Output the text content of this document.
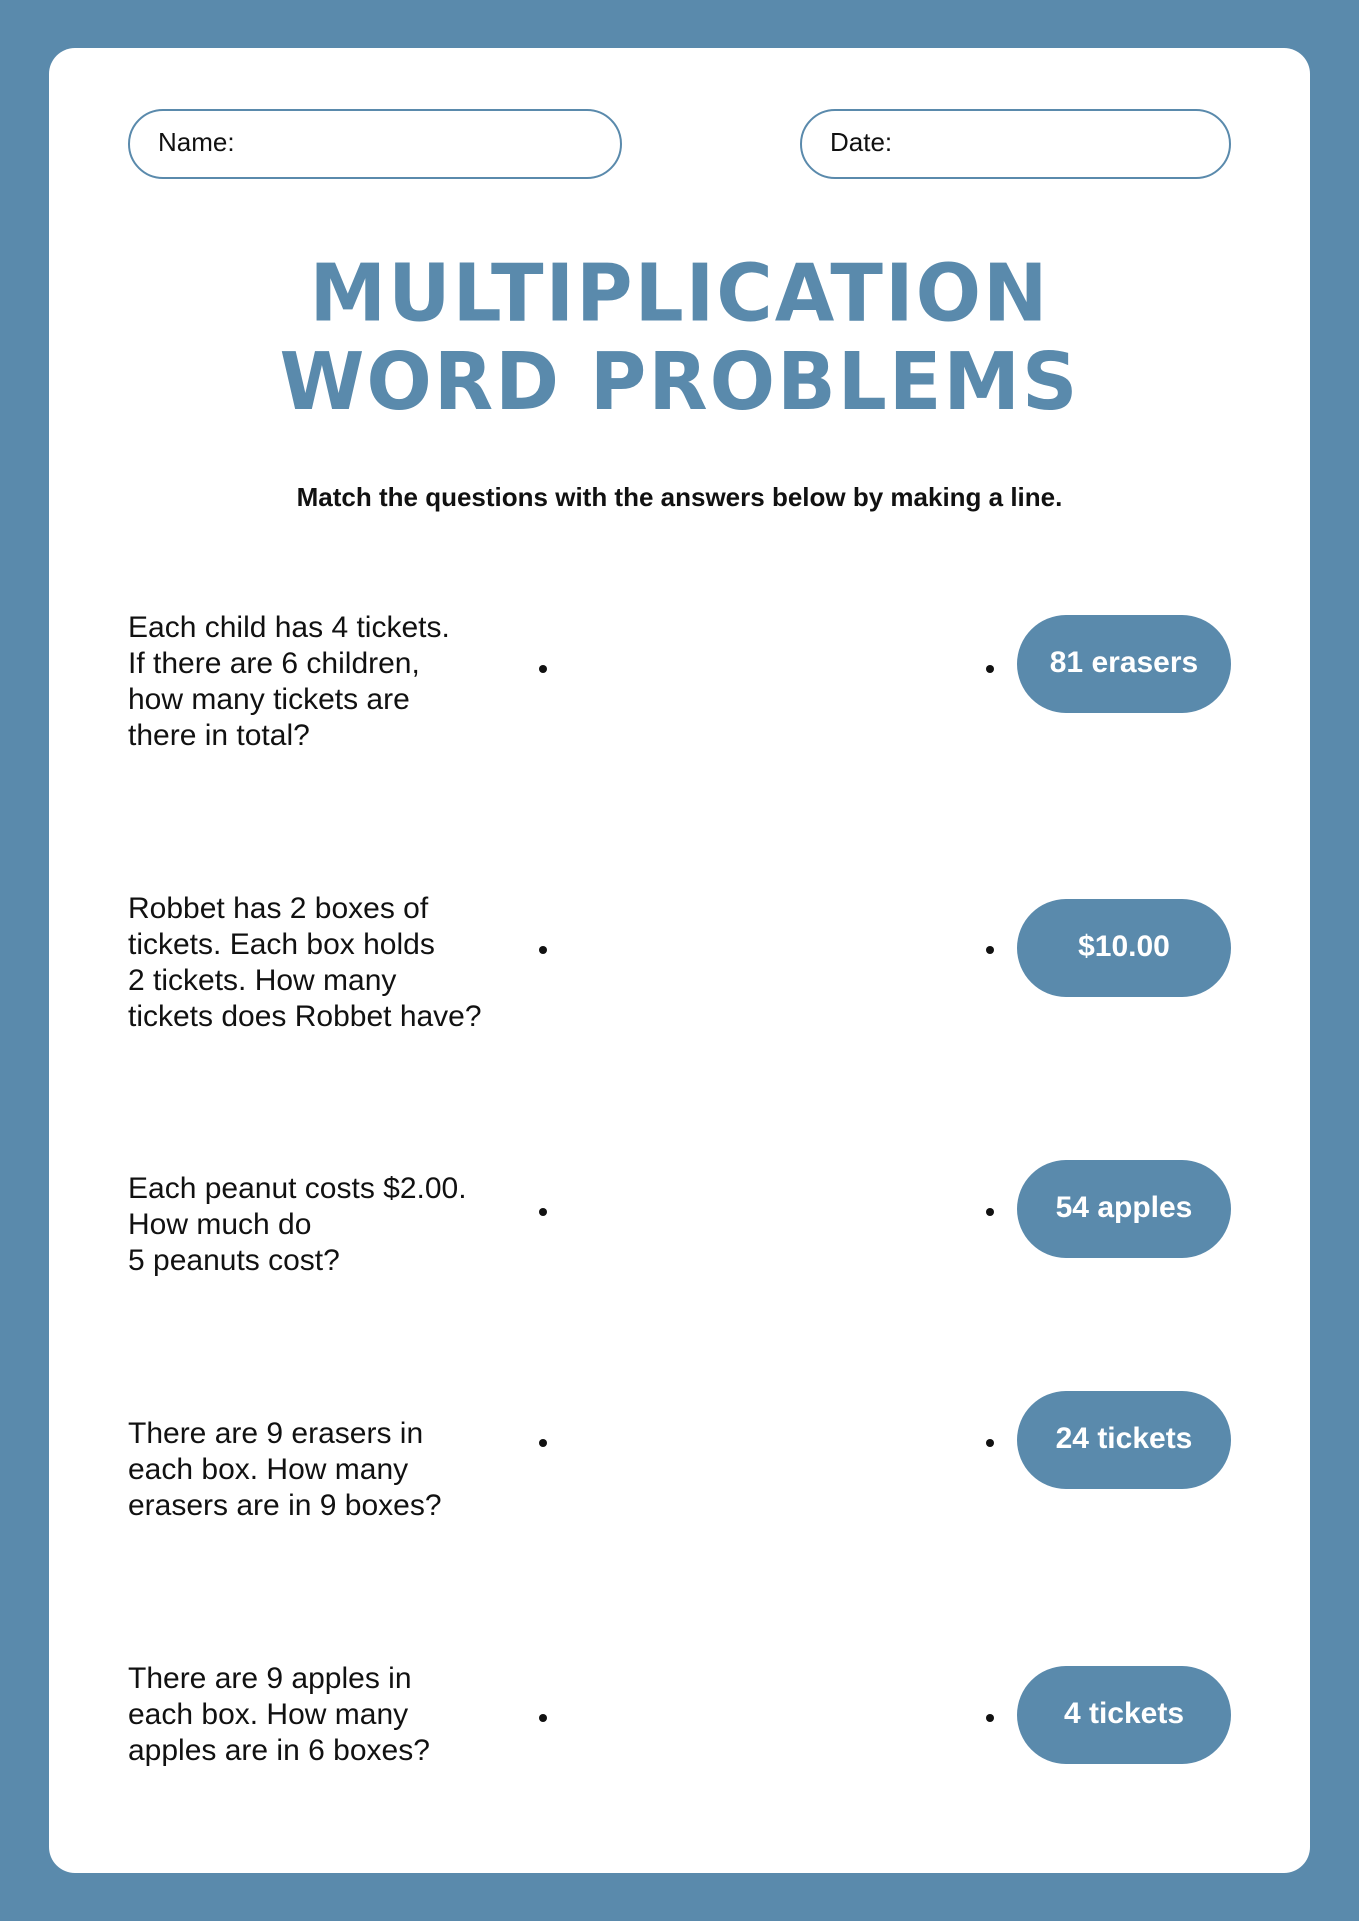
Name:	Date:
MULTIPLICATION
WORD PROBLEMS
Match the questions with the answers below by making a line.
Each child has 4 tickets.
If there are 6 children,
how many tickets are
there in total?
81 erasers
Robbet has 2 boxes of
tickets. Each box holds
2 tickets. How many
tickets does Robbet have?
$10.00
Each peanut costs $2.00.
How much do
5 peanuts cost?
54 apples
There are 9 erasers in
each box. How many
erasers are in 9 boxes?
24 tickets
There are 9 apples in
each box. How many
apples are in 6 boxes?
4 tickets
